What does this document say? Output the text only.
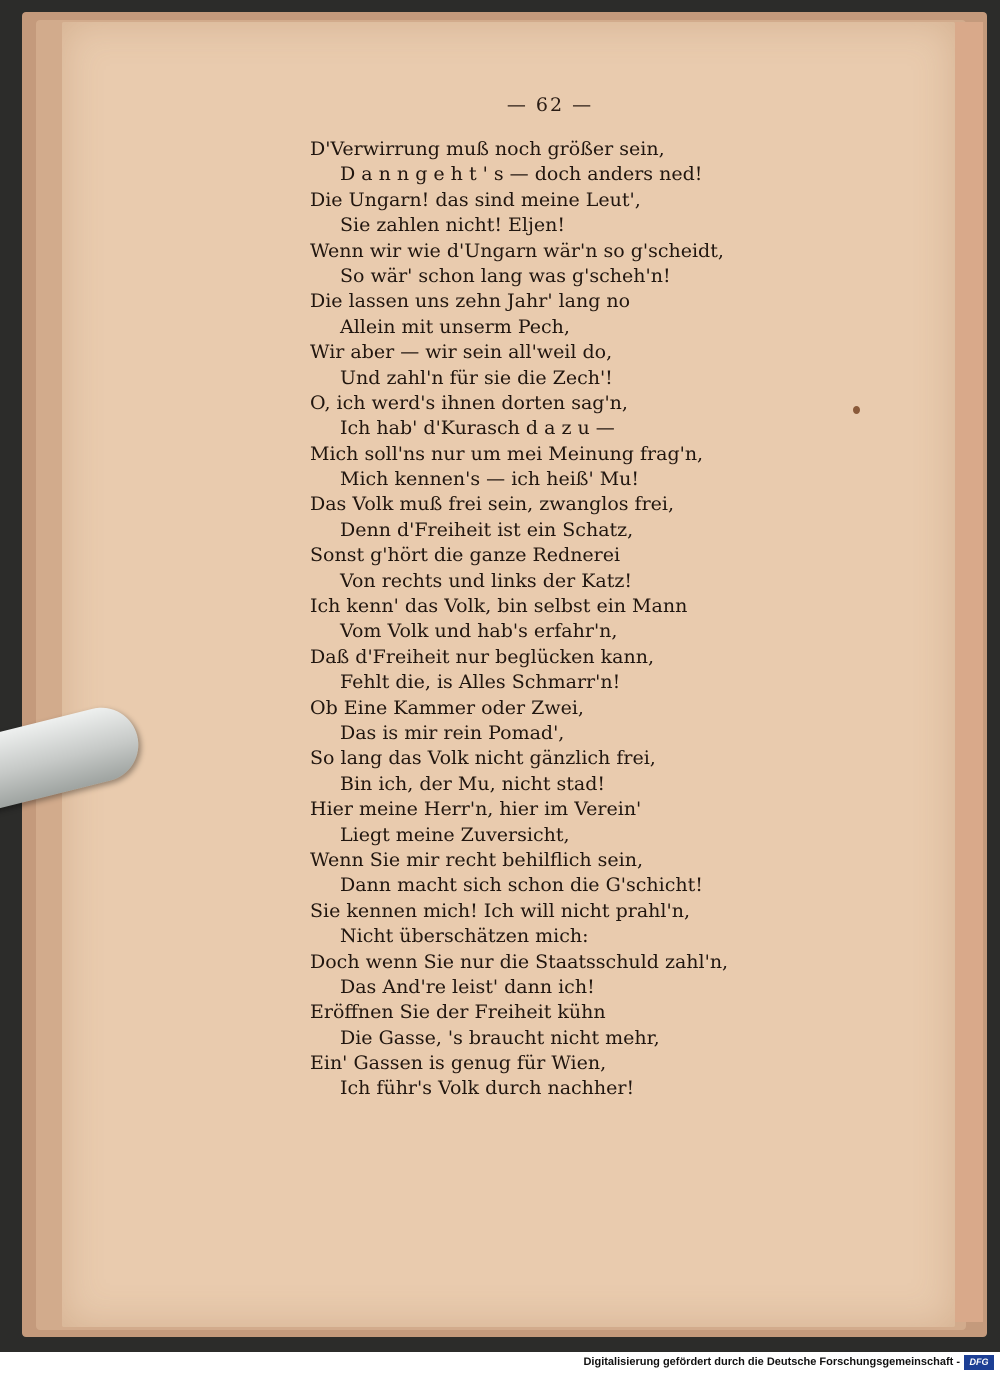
— 62 —
D'Verwirrung muß noch größer sein,
D a n n g e h t ' s — doch anders ned!
Die Ungarn! das sind meine Leut',
Sie zahlen nicht! Eljen!
Wenn wir wie d'Ungarn wär'n so g'scheidt,
So wär' schon lang was g'scheh'n!
Die lassen uns zehn Jahr' lang no
Allein mit unserm Pech,
Wir aber — wir sein all'weil do,
Und zahl'n für sie die Zech'!
O, ich werd's ihnen dorten sag'n,
Ich hab' d'Kurasch d a z u —
Mich soll'ns nur um mei Meinung frag'n,
Mich kennen's — ich heiß' Mu!
Das Volk muß frei sein, zwanglos frei,
Denn d'Freiheit ist ein Schatz,
Sonst g'hört die ganze Rednerei
Von rechts und links der Katz!
Ich kenn' das Volk, bin selbst ein Mann
Vom Volk und hab's erfahr'n,
Daß d'Freiheit nur beglücken kann,
Fehlt die, is Alles Schmarr'n!
Ob Eine Kammer oder Zwei,
Das is mir rein Pomad',
So lang das Volk nicht gänzlich frei,
Bin ich, der Mu, nicht stad!
Hier meine Herr'n, hier im Verein'
Liegt meine Zuversicht,
Wenn Sie mir recht behilflich sein,
Dann macht sich schon die G'schicht!
Sie kennen mich! Ich will nicht prahl'n,
Nicht überschätzen mich:
Doch wenn Sie nur die Staatsschuld zahl'n,
Das And're leist' dann ich!
Eröffnen Sie der Freiheit kühn
Die Gasse, 's braucht nicht mehr,
Ein' Gassen is genug für Wien,
Ich führ's Volk durch nachher!
Digitalisierung gefördert durch die Deutsche Forschungsgemeinschaft -	DFG
